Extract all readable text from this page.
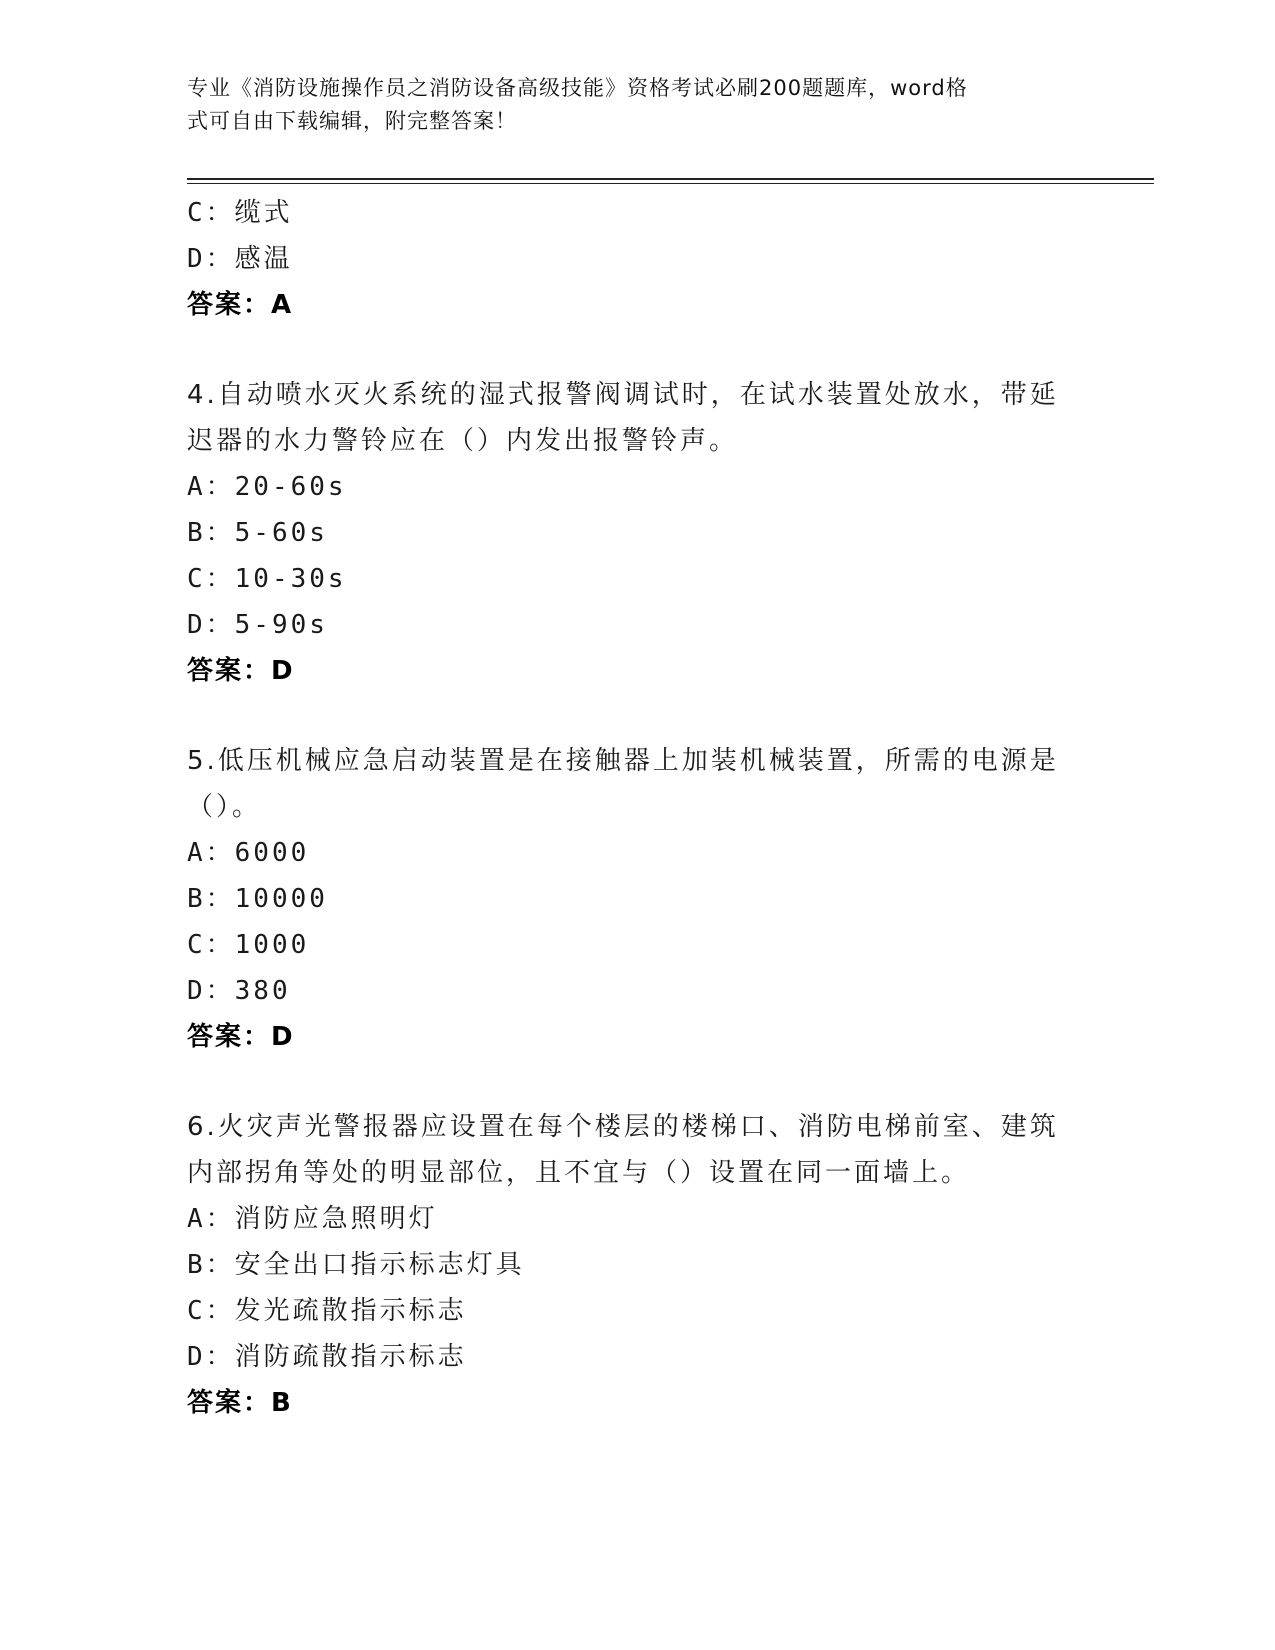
专业《消防设施操作员之消防设备高级技能》资格考试必刷200题题库，word格
式可自由下载编辑，附完整答案！
C：缆式
D：感温
答案：A
4.自动喷水灭火系统的湿式报警阀调试时，在试水装置处放水，带延
迟器的水力警铃应在（）内发出报警铃声。
A：20-60s
B：5-60s
C：10-30s
D：5-90s
答案：D
5.低压机械应急启动装置是在接触器上加装机械装置，所需的电源是
（）。
A：6000
B：10000
C：1000
D：380
答案：D
6.火灾声光警报器应设置在每个楼层的楼梯口、消防电梯前室、建筑
内部拐角等处的明显部位，且不宜与（）设置在同一面墙上。
A：消防应急照明灯
B：安全出口指示标志灯具
C：发光疏散指示标志
D：消防疏散指示标志
答案：B
